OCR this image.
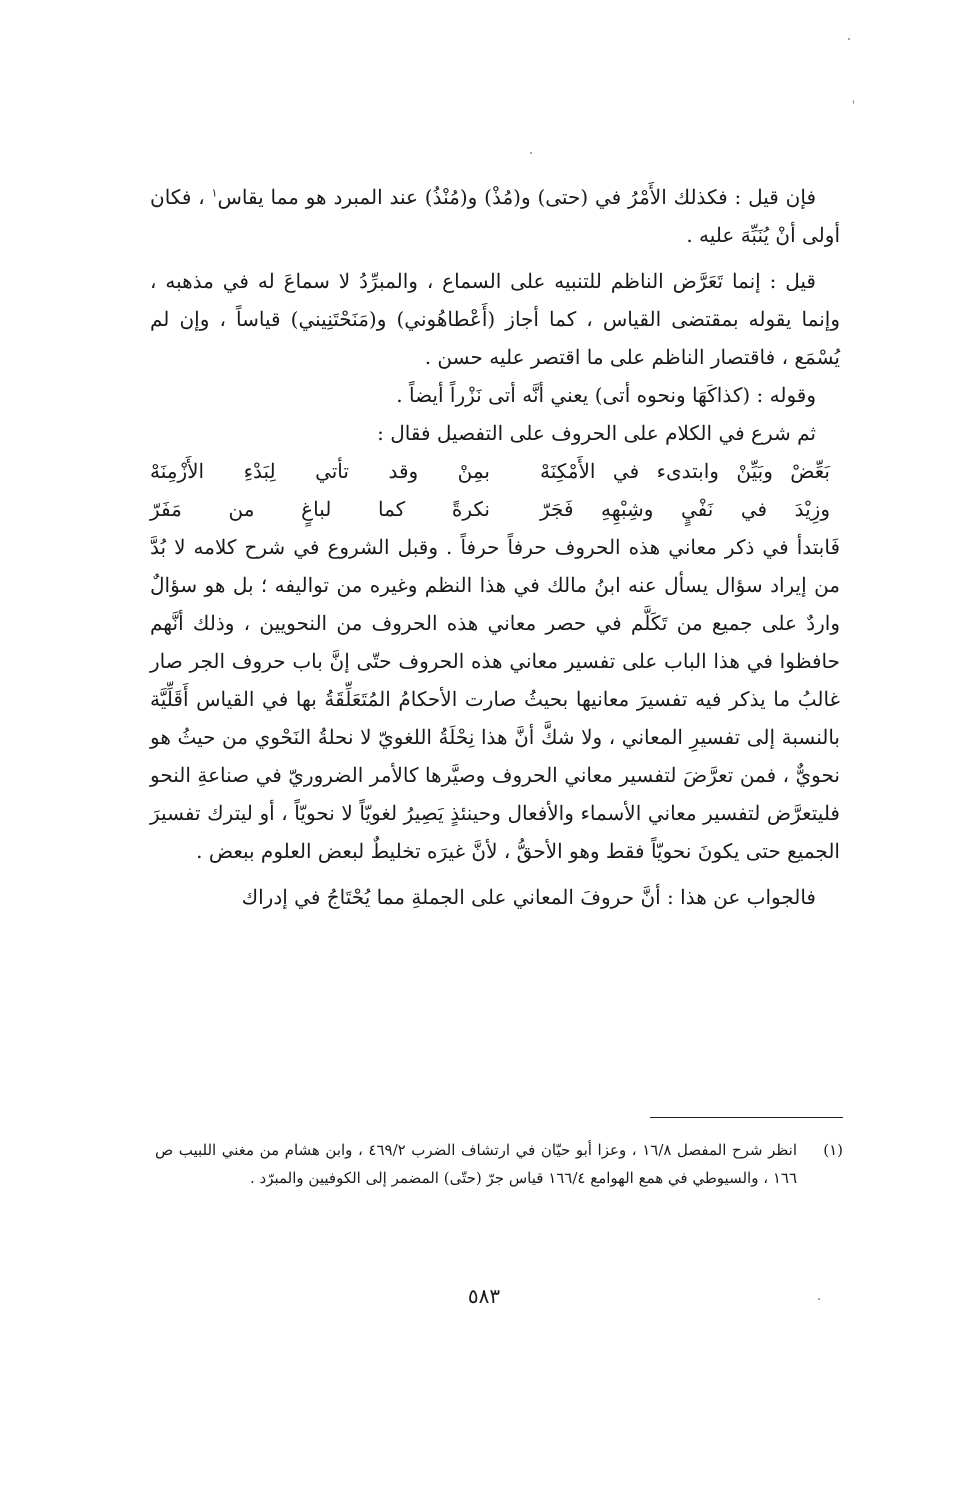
فإن قيل : فكذلك الأَمْرُ في (حتى) و(مُذْ) و(مُنْذُ) عند المبرد هو مما يقاس$^١$ ، فكان أولى أنْ يُنَبِّهَ عليه .

قيل : إنما تَعَرَّض الناظم للتنبيه على السماع ، والمبرِّدُ لا سماعَ له في مذهبه ، وإنما يقوله بمقتضى القياس ، كما أجاز (أَعْطاهُوني) و(مَنَحْتَنِيني) قياساً ، وإن لم يُسْمَع ، فاقتصار الناظم على ما اقتصر عليه حسن .

وقوله : (كذاكَهَا ونحوه أتى) يعني أنَّه أتى نَزْراً أيضاً .

ثم شرع في الكلام على الحروف على التفصيل فقال :

بَعِّضْ وبَيِّنْ وابتدىء في الأَمْكِنَهْ
بمِنْ وقد تأتي لِبَدْءِ الأَزْمِنَهْ
وزِيْدَ في نَفْيٍ وشِبْهِهِ فَجَرّ
نكرةً كما لباغٍ من مَفَرّ

فَابتدأ في ذكر معاني هذه الحروف حرفاً حرفاً . وقبل الشروع في شرح كلامه لا بُدَّ من إيراد سؤال يسأل عنه ابنُ مالك في هذا النظم وغيره من تواليفه ؛ بل هو سؤالٌ واردٌ على جميع من تَكَلَّم في حصر معاني هذه الحروف من النحويين ، وذلك أنَّهم حافظوا في هذا الباب على تفسير معاني هذه الحروف حتّى إنَّ باب حروف الجر صار غالبُ ما يذكر فيه تفسيرَ معانيها بحيثُ صارت الأحكامُ المُتَعَلِّقَةُ بها في القياس أَقَلِّيَّة بالنسبة إلى تفسيرِ المعاني ، ولا شكَّ أنَّ هذا نِحْلَةُ اللغويّ لا نحلةُ النَحْوي من حيثُ هو نحويٌّ ، فمن تعرَّضَ لتفسير معاني الحروف وصيَّرها كالأمر الضروريّ في صناعةِ النحو فليتعرَّض لتفسير معاني الأسماء والأفعال وحينئذٍ يَصِيرُ لغويّاً لا نحويّاً ، أو ليترك تفسيرَ الجميع حتى يكونَ نحويّاً فقط وهو الأحقُّ ، لأنَّ غيرَه تخليطٌ لبعض العلوم ببعض .

فالجواب عن هذا : أنَّ حروفَ المعاني على الجملةِ مما يُحْتَاجُ في إدراك

(١)
انظر شرح المفصل ١٦/٨ ، وعزا أبو حيّان في ارتشاف الضرب ٤٦٩/٢ ، وابن هشام من مغني اللبيب ص ١٦٦ ، والسيوطي في همع الهوامع ١٦٦/٤ قياس جرّ (حتّى) المضمر إلى الكوفيين والمبرّد .
٥٨٣
